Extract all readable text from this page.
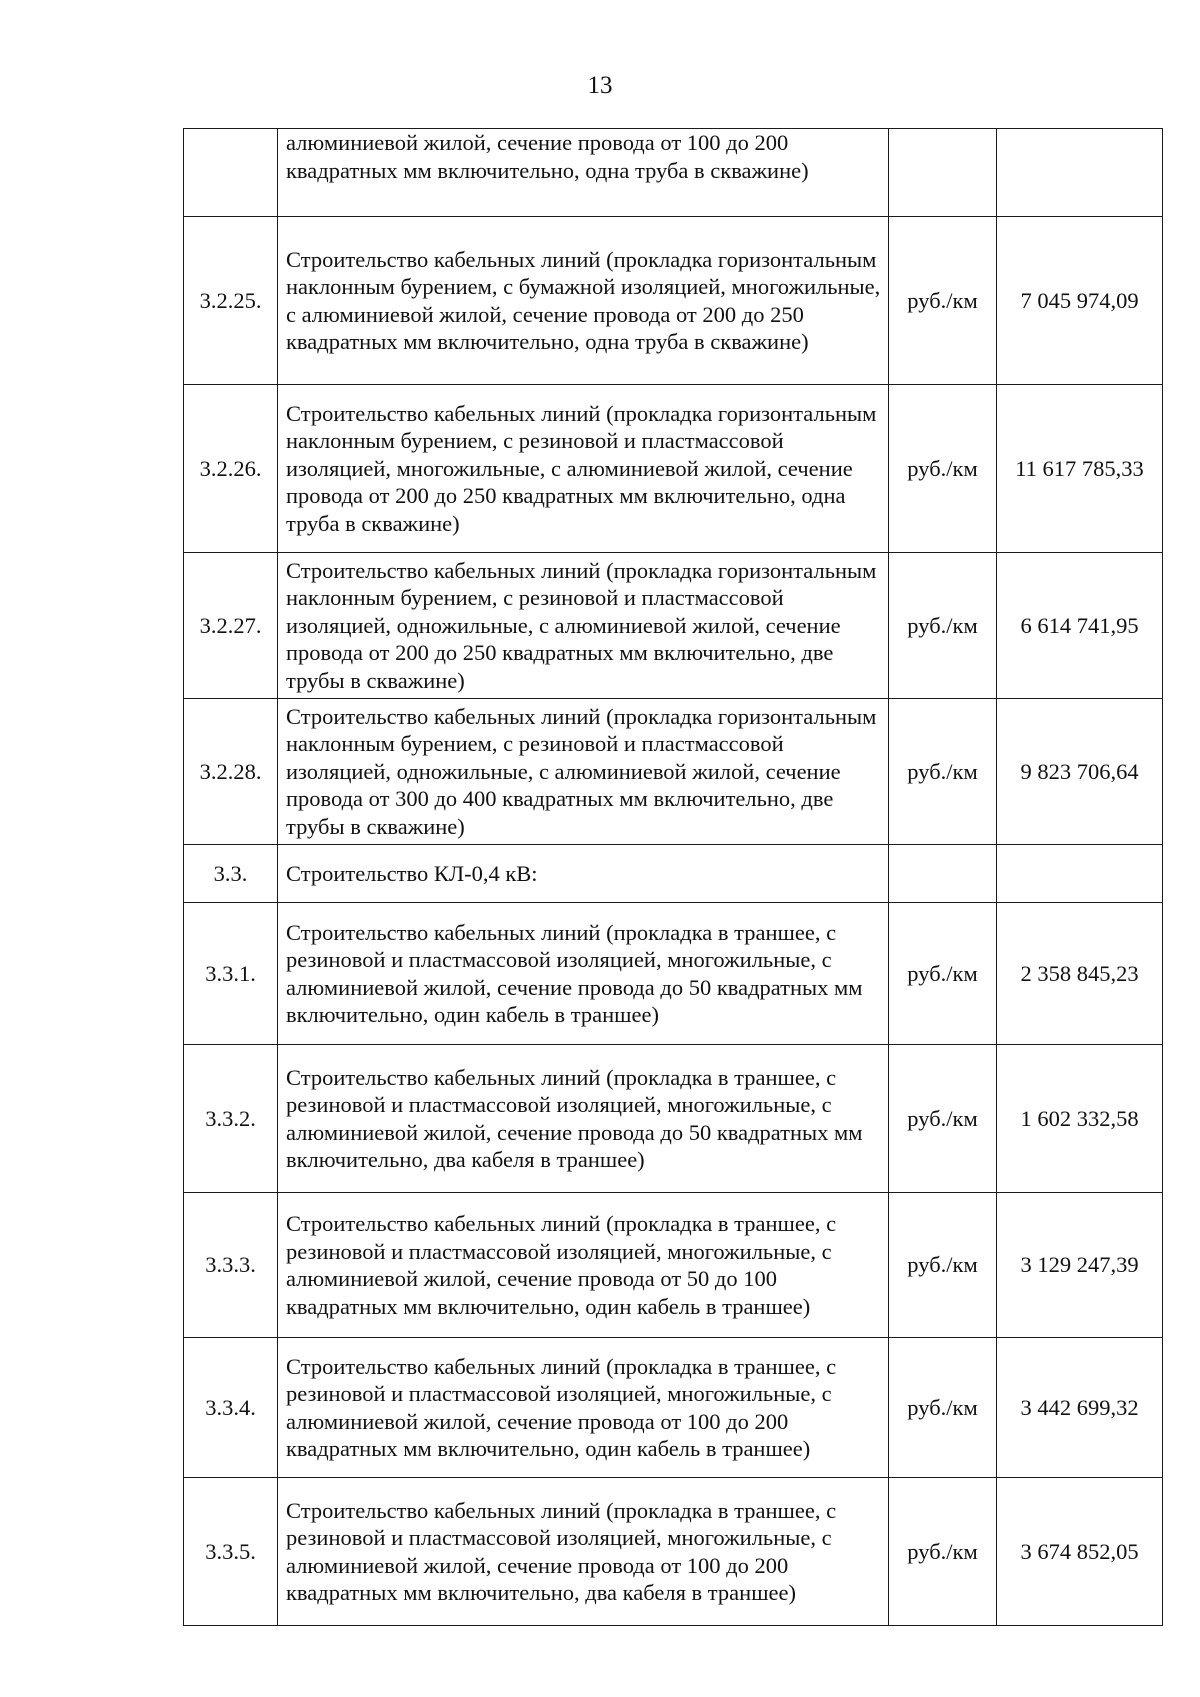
13
	алюминиевой жилой, сечение провода от 100 до 200 квадратных мм включительно, одна труба в скважине)		
3.2.25.	Строительство кабельных линий (прокладка горизонтальным наклонным бурением, с бумажной изоляцией, многожильные, с алюминиевой жилой, сечение провода от 200 до 250 квадратных мм включительно, одна труба в скважине)	руб./км	7 045 974,09
3.2.26.	Строительство кабельных линий (прокладка горизонтальным наклонным бурением, с резиновой и пластмассовой изоляцией, многожильные, с алюминиевой жилой, сечение провода от 200 до 250 квадратных мм включительно, одна труба в скважине)	руб./км	11 617 785,33
3.2.27.	Строительство кабельных линий (прокладка горизонтальным наклонным бурением, с резиновой и пластмассовой изоляцией, одножильные, с алюминиевой жилой, сечение провода от 200 до 250 квадратных мм включительно, две трубы в скважине)	руб./км	6 614 741,95
3.2.28.	Строительство кабельных линий (прокладка горизонтальным наклонным бурением, с резиновой и пластмассовой изоляцией, одножильные, с алюминиевой жилой, сечение провода от 300 до 400 квадратных мм включительно, две трубы в скважине)	руб./км	9 823 706,64
3.3.	Строительство КЛ-0,4 кВ:		
3.3.1.	Строительство кабельных линий (прокладка в траншее, с резиновой и пластмассовой изоляцией, многожильные, с алюминиевой жилой, сечение провода до 50 квадратных мм включительно, один кабель в траншее)	руб./км	2 358 845,23
3.3.2.	Строительство кабельных линий (прокладка в траншее, с резиновой и пластмассовой изоляцией, многожильные, с алюминиевой жилой, сечение провода до 50 квадратных мм включительно, два кабеля в траншее)	руб./км	1 602 332,58
3.3.3.	Строительство кабельных линий (прокладка в траншее, с резиновой и пластмассовой изоляцией, многожильные, с алюминиевой жилой, сечение провода от 50 до 100 квадратных мм включительно, один кабель в траншее)	руб./км	3 129 247,39
3.3.4.	Строительство кабельных линий (прокладка в траншее, с резиновой и пластмассовой изоляцией, многожильные, с алюминиевой жилой, сечение провода от 100 до 200 квадратных мм включительно, один кабель в траншее)	руб./км	3 442 699,32
3.3.5.	Строительство кабельных линий (прокладка в траншее, с резиновой и пластмассовой изоляцией, многожильные, с алюминиевой жилой, сечение провода от 100 до 200 квадратных мм включительно, два кабеля в траншее)	руб./км	3 674 852,05
